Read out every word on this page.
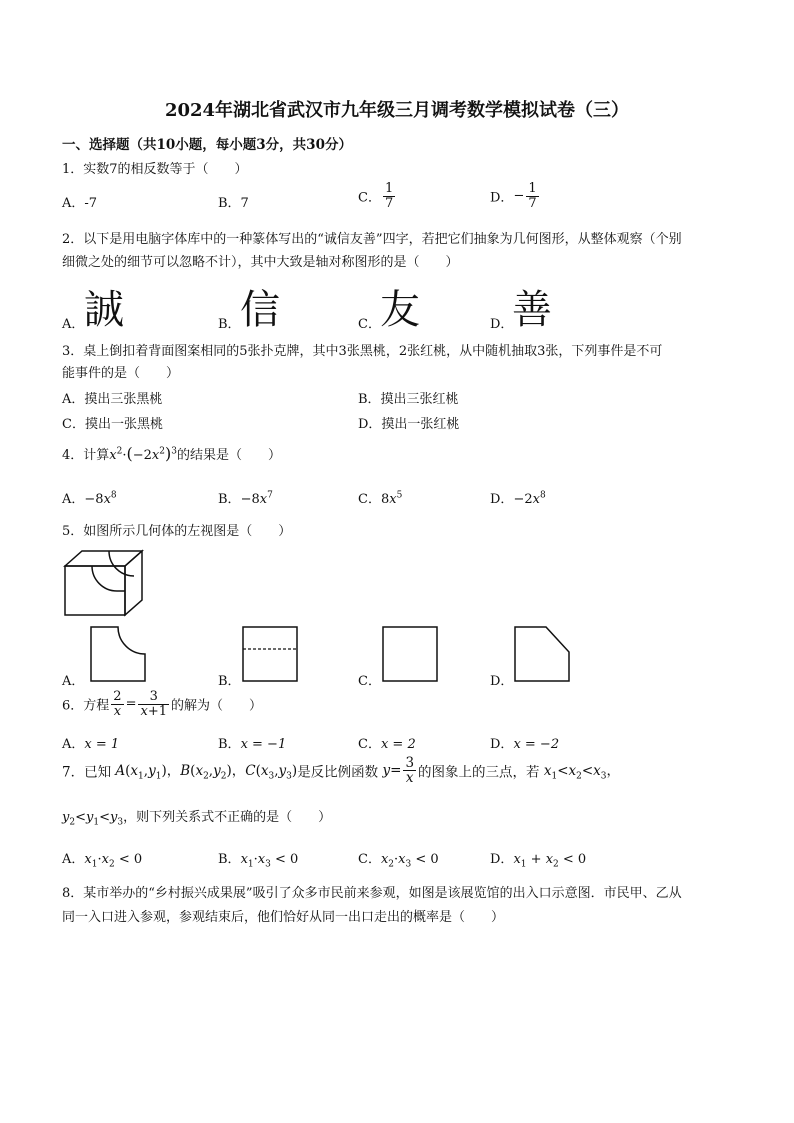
2024年湖北省武汉市九年级三月调考数学模拟试卷（三）
一、选择题（共10小题，每小题3分，共30分）
1．实数7的相反数等于（　　）
A．-7	B．7	C． $\frac{1}{7}$	D．− $\frac{1}{7}$
2．以下是用电脑字体库中的一种篆体写出的“诚信友善”四字，若把它们抽象为几何图形，从整体观察（个别
细微之处的细节可以忽略不计），其中大致是轴对称图形的是（　　）
A． 誠	B． 信	C． 友	D．
善
3．桌上倒扣着背面图案相同的5张扑克牌，其中3张黑桃，2张红桃，从中随机抽取3张，下列事件是不可
能事件的是（　　）
A．摸出三张黑桃	B．摸出三张红桃
C．摸出一张黑桃	D．摸出一张红桃
4．计算$x^2\cdot(-2x^2)^3$的结果是（　　）
A．$-8x^8$	B．$-8x^7$	C．$8x^5$	D．$-2x^8$
5．如图所示几何体的左视图是（　　）
A．	B．	C．	D．
6．方程 $\frac{2}{x} = \frac{3}{x+1}$ 的解为（　　）
A．x = 1	B．x = −1	C．x = 2	D．x = −2
7．已知 $A(x_1,y_1)$，$B(x_2,y_2)$，$C(x_3,y_3)$是反比例函数 $y= \frac{3}{x}$ 的图象上的三点，若 $x_1<x_2<x_3$，
$y_2<y_1<y_3$，则下列关系式不正确的是（　　）
A．$x_1\cdot x_2 < 0$	B．$x_1\cdot x_3 < 0$	C．$x_2\cdot x_3 < 0$	D．$x_1 + x_2 < 0$
8．某市举办的“乡村振兴成果展”吸引了众多市民前来参观，如图是该展览馆的出入口示意图．市民甲、乙从
同一入口进入参观，参观结束后，他们恰好从同一出口走出的概率是（　　）
